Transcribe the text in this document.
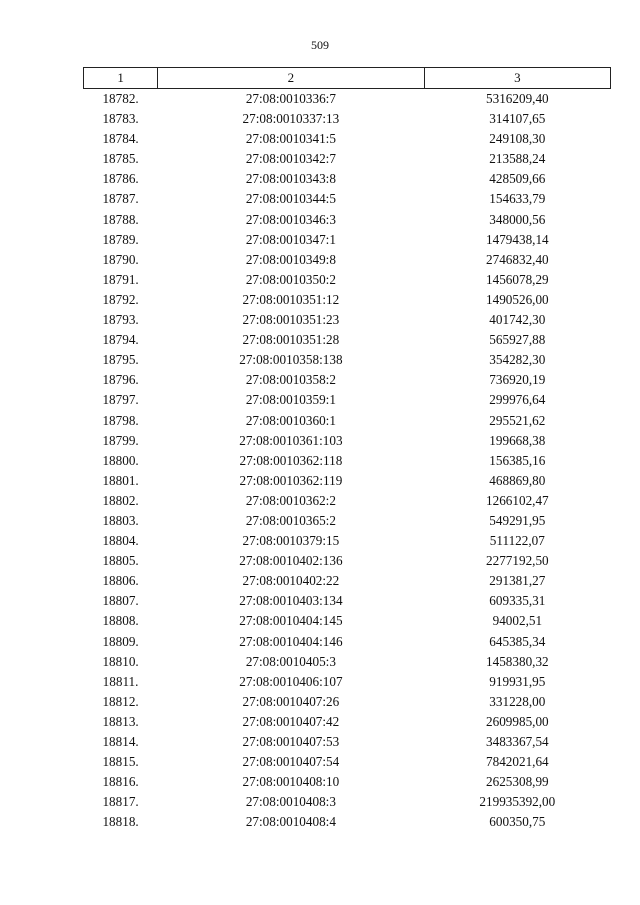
509
1	2	3
18782.	27:08:0010336:7	5316209,40
18783.	27:08:0010337:13	314107,65
18784.	27:08:0010341:5	249108,30
18785.	27:08:0010342:7	213588,24
18786.	27:08:0010343:8	428509,66
18787.	27:08:0010344:5	154633,79
18788.	27:08:0010346:3	348000,56
18789.	27:08:0010347:1	1479438,14
18790.	27:08:0010349:8	2746832,40
18791.	27:08:0010350:2	1456078,29
18792.	27:08:0010351:12	1490526,00
18793.	27:08:0010351:23	401742,30
18794.	27:08:0010351:28	565927,88
18795.	27:08:0010358:138	354282,30
18796.	27:08:0010358:2	736920,19
18797.	27:08:0010359:1	299976,64
18798.	27:08:0010360:1	295521,62
18799.	27:08:0010361:103	199668,38
18800.	27:08:0010362:118	156385,16
18801.	27:08:0010362:119	468869,80
18802.	27:08:0010362:2	1266102,47
18803.	27:08:0010365:2	549291,95
18804.	27:08:0010379:15	511122,07
18805.	27:08:0010402:136	2277192,50
18806.	27:08:0010402:22	291381,27
18807.	27:08:0010403:134	609335,31
18808.	27:08:0010404:145	94002,51
18809.	27:08:0010404:146	645385,34
18810.	27:08:0010405:3	1458380,32
18811.	27:08:0010406:107	919931,95
18812.	27:08:0010407:26	331228,00
18813.	27:08:0010407:42	2609985,00
18814.	27:08:0010407:53	3483367,54
18815.	27:08:0010407:54	7842021,64
18816.	27:08:0010408:10	2625308,99
18817.	27:08:0010408:3	219935392,00
18818.	27:08:0010408:4	600350,75
